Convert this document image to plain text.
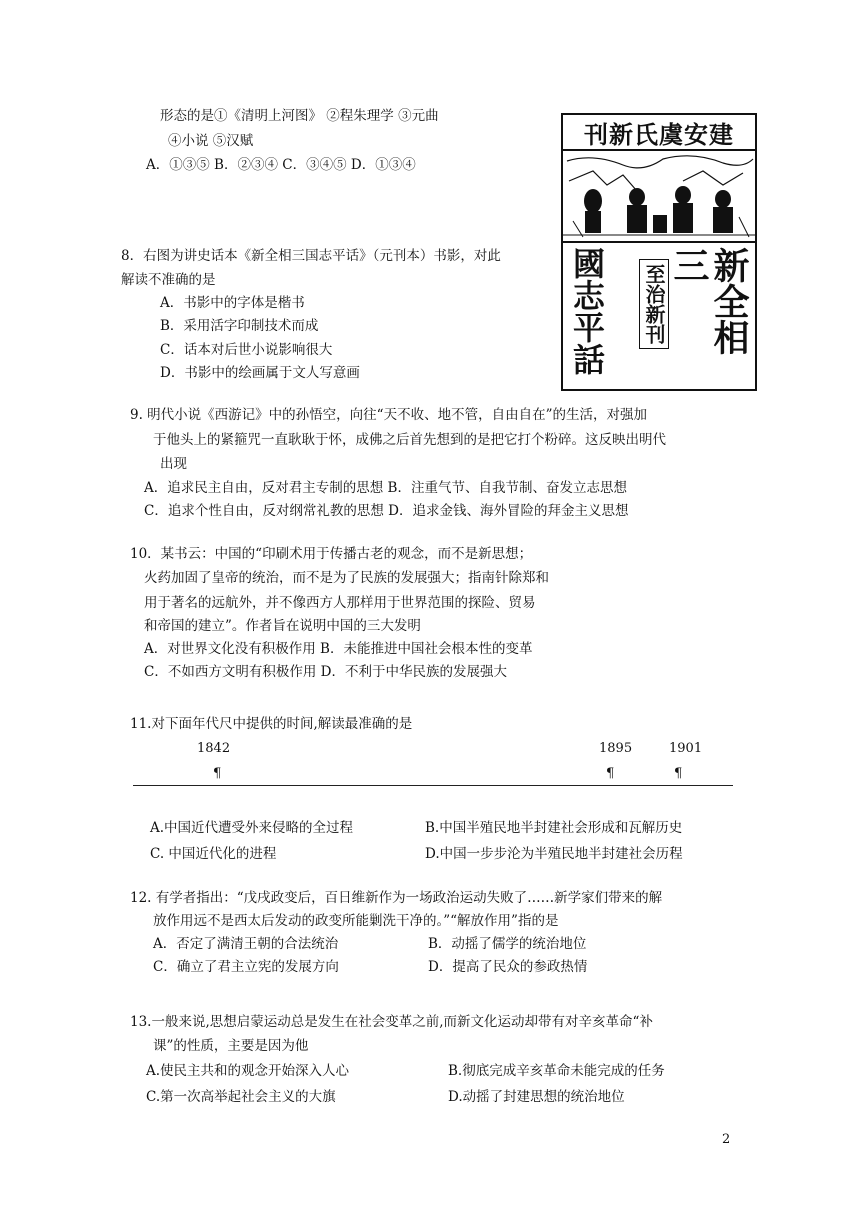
形态的是①《清明上河图》 ②程朱理学 ③元曲
④小说 ⑤汉赋
A．①③⑤ B．②③④ C．③④⑤ D．①③④
刊新氏虞安建
新全相三
至治新刊
國志平話
8．右图为讲史话本《新全相三国志平话》（元刊本）书影，对此
解读不准确的是
A．书影中的字体是楷书
B．采用活字印制技术而成
C．话本对后世小说影响很大
D．书影中的绘画属于文人写意画
9. 明代小说《西游记》中的孙悟空，向往“天不收、地不管，自由自在”的生活，对强加
于他头上的紧箍咒一直耿耿于怀，成佛之后首先想到的是把它打个粉碎。这反映出明代
出现
A．追求民主自由，反对君主专制的思想 B．注重气节、自我节制、奋发立志思想
C．追求个性自由，反对纲常礼教的思想 D．追求金钱、海外冒险的拜金主义思想
10．某书云：中国的“印刷术用于传播古老的观念，而不是新思想；
火药加固了皇帝的统治，而不是为了民族的发展强大；指南针除郑和
用于著名的远航外，并不像西方人那样用于世界范围的探险、贸易
和帝国的建立”。作者旨在说明中国的三大发明
A．对世界文化没有积极作用 B．未能推进中国社会根本性的变革
C．不如西方文明有积极作用 D．不利于中华民族的发展强大
11.对下面年代尺中提供的时间,解读最准确的是
1842	1895	1901
¶	¶	¶
A.中国近代遭受外来侵略的全过程	B.中国半殖民地半封建社会形成和瓦解历史
C. 中国近代化的进程	D.中国一步步沦为半殖民地半封建社会历程
12. 有学者指出：“戊戌政变后，百日维新作为一场政治运动失败了……新学家们带来的解
放作用远不是西太后发动的政变所能剿洗干净的。”“解放作用”指的是
A．否定了满清王朝的合法统治	B．动摇了儒学的统治地位
C．确立了君主立宪的发展方向	D．提高了民众的参政热情
13.一般来说,思想启蒙运动总是发生在社会变革之前,而新文化运动却带有对辛亥革命“补
课”的性质，主要是因为他
A.使民主共和的观念开始深入人心	B.彻底完成辛亥革命未能完成的任务
C.第一次高举起社会主义的大旗	D.动摇了封建思想的统治地位
2
